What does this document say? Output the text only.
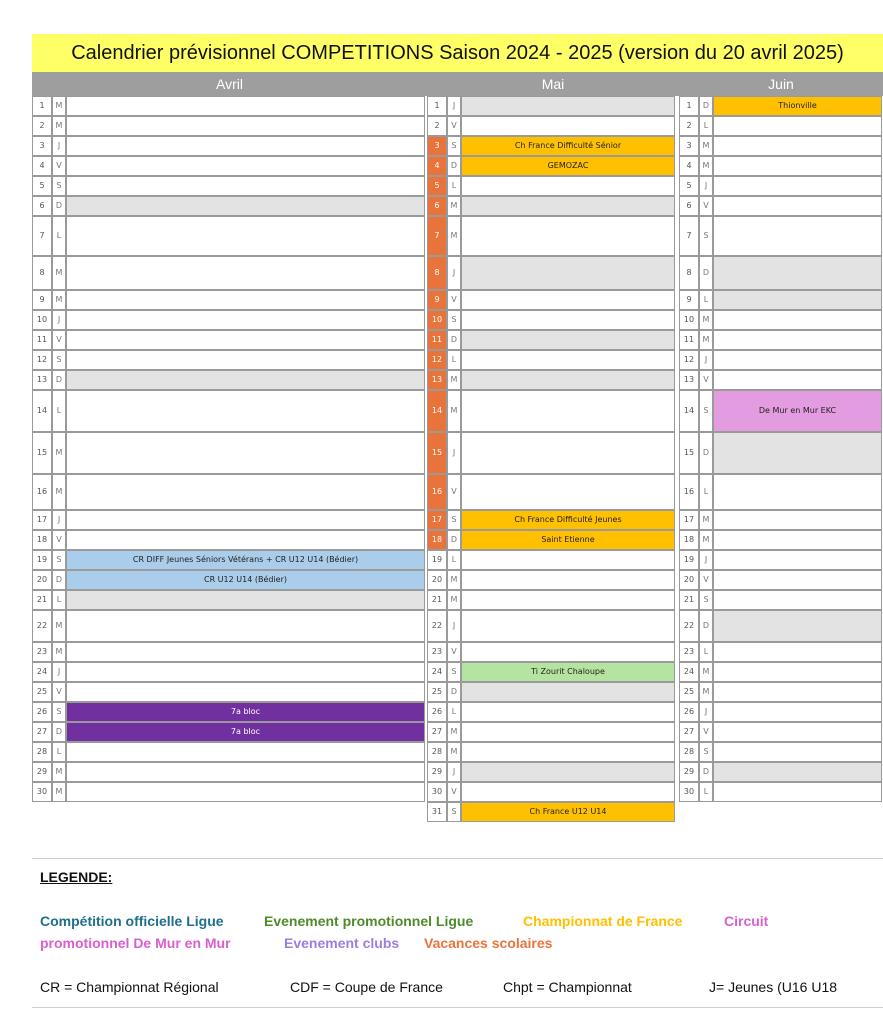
Calendrier prévisionnel COMPETITIONS Saison 2024 - 2025 (version du 20 avril 2025)
Avril
1	M
2	M
3	J
4	V
5	S
6	D
7	L
8	M
9	M
10	J
11	V
12	S
13	D
14	L
15	M
16	M
17	J
18	V
19	S	CR DIFF Jeunes Séniors Vétérans + CR U12 U14 (Bédier)
20	D	CR U12 U14 (Bédier)
21	L
22	M
23	M
24	J
25	V
26	S	7a bloc
27	D	7a bloc
28	L
29	M
30	M
Mai
1	J
2	V
3	S	Ch France Difficulté Sénior
4	D	GEMOZAC
5	L
6	M
7	M
8	J
9	V
10	S
11	D
12	L
13	M
14	M
15	J
16	V
17	S	Ch France Difficulté Jeunes
18	D	Saint Etienne
19	L
20	M
21	M
22	J
23	V
24	S	Ti Zourit Chaloupe
25	D
26	L
27	M
28	M
29	J
30	V
31	S	Ch France U12 U14
Juin
1	D	Thionville
2	L
3	M
4	M
5	J
6	V
7	S
8	D
9	L
10	M
11	M
12	J
13	V
14	S	De Mur en Mur EKC
15	D
16	L
17	M
18	M
19	J
20	V
21	S
22	D
23	L
24	M
25	M
26	J
27	V
28	S
29	D
30	L
LEGENDE:
Compétition officielle Ligue	Evenement promotionnel Ligue	Championnat de France	Circuit
promotionnel De Mur en Mur	Evenement clubs Vacances scolaires
CR = Championnat Régional	CDF = Coupe de France	Chpt = Championnat	J= Jeunes (U16 U18
